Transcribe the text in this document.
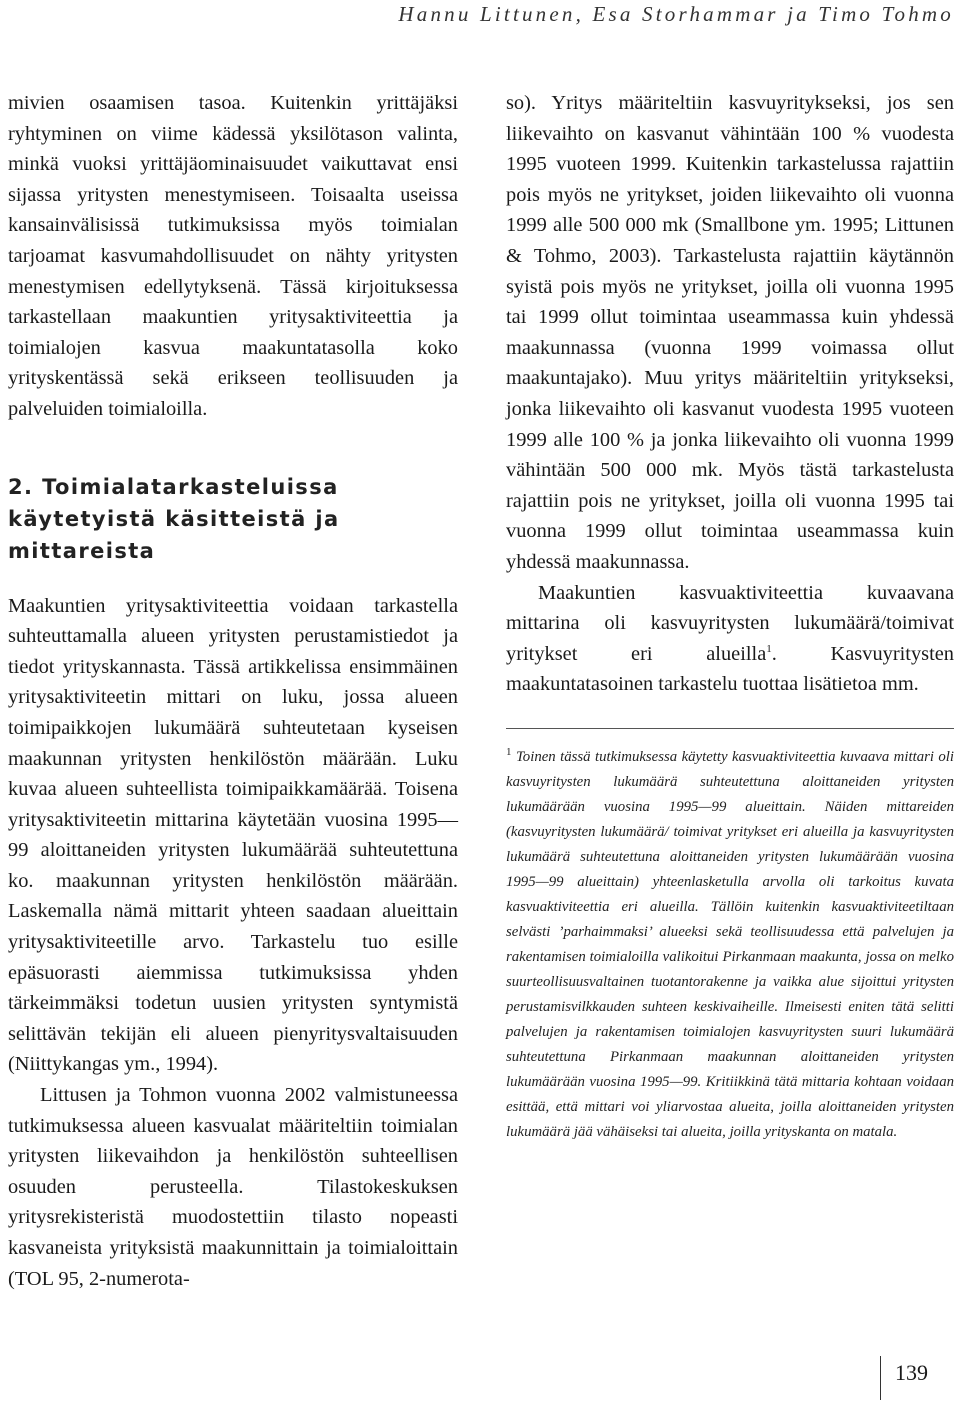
Hannu Littunen, Esa Storhammar ja Timo Tohmo

mivien osaamisen tasoa. Kuitenkin yrittäjäksi ryhtyminen on viime kädessä yksilötason valinta, minkä vuoksi yrittäjäominaisuudet vaikuttavat ensi sijassa yritysten menestymiseen. Toisaalta useissa kansainvälisissä tutkimuksissa myös toimialan tarjoamat kasvumahdollisuudet on nähty yritysten menestymisen edellytyksenä. Tässä kirjoituksessa tarkastellaan maakuntien yritysaktiviteettia ja toimialojen kasvua maakuntatasolla koko yrityskentässä sekä erikseen teollisuuden ja palveluiden toimialoilla.

2. Toimialatarkasteluissa käytetyistä käsitteistä ja mittareista

Maakuntien yritysaktiviteettia voidaan tarkastella suhteuttamalla alueen yritysten perustamistiedot ja tiedot yrityskannasta. Tässä artikkelissa ensimmäinen yritysaktiviteetin mittari on luku, jossa alueen toimipaikkojen lukumäärä suhteutetaan kyseisen maakunnan yritysten henkilöstön määrään. Luku kuvaa alueen suhteellista toimipaikkamäärää. Toisena yritysaktiviteetin mittarina käytetään vuosina 1995—99 aloittaneiden yritysten lukumäärää suhteutettuna ko. maakunnan yritysten henkilöstön määrään. Laskemalla nämä mittarit yhteen saadaan alueittain yritysaktiviteetille arvo. Tarkastelu tuo esille epäsuorasti aiemmissa tutkimuksissa yhden tärkeimmäksi todetun uusien yritysten syntymistä selittävän tekijän eli alueen pienyritysvaltaisuuden (Niittykangas ym., 1994).

Littusen ja Tohmon vuonna 2002 valmistuneessa tutkimuksessa alueen kasvualat määriteltiin toimialan yritysten liikevaihdon ja henkilöstön suhteellisen osuuden perusteella. Tilastokeskuksen yritysrekisteristä muodostettiin tilasto nopeasti kasvaneista yrityksistä maakunnittain ja toimialoittain (TOL 95, 2-numerota-

so). Yritys määriteltiin kasvuyritykseksi, jos sen liikevaihto on kasvanut vähintään 100 % vuodesta 1995 vuoteen 1999. Kuitenkin tarkastelussa rajattiin pois myös ne yritykset, joiden liikevaihto oli vuonna 1999 alle 500 000 mk (Smallbone ym. 1995; Littunen & Tohmo, 2003). Tarkastelusta rajattiin käytännön syistä pois myös ne yritykset, joilla oli vuonna 1995 tai 1999 ollut toimintaa useammassa kuin yhdessä maakunnassa (vuonna 1999 voimassa ollut maakuntajako). Muu yritys määriteltiin yritykseksi, jonka liikevaihto oli kasvanut vuodesta 1995 vuoteen 1999 alle 100 % ja jonka liikevaihto oli vuonna 1999 vähintään 500 000 mk. Myös tästä tarkastelusta rajattiin pois ne yritykset, joilla oli vuonna 1995 tai vuonna 1999 ollut toimintaa useammassa kuin yhdessä maakunnassa.

Maakuntien kasvuaktiviteettia kuvaavana mittarina oli kasvuyritysten lukumäärä/toimivat yritykset eri alueilla$^1$. Kasvuyritysten maakuntatasoinen tarkastelu tuottaa lisätietoa mm.

$^1$ Toinen tässä tutkimuksessa käytetty kasvuaktiviteettia kuvaava mittari oli kasvuyritysten lukumäärä suhteutettuna aloittaneiden yritysten lukumäärään vuosina 1995—99 alueittain. Näiden mittareiden (kasvuyritysten lukumäärä/ toimivat yritykset eri alueilla ja kasvuyritysten lukumäärä suhteutettuna aloittaneiden yritysten lukumäärään vuosina 1995—99 alueittain) yhteenlasketulla arvolla oli tarkoitus kuvata kasvuaktiviteettia eri alueilla. Tällöin kuitenkin kasvuaktiviteetiltaan selvästi ’parhaimmaksi’ alueeksi sekä teollisuudessa että palvelujen ja rakentamisen toimialoilla valikoitui Pirkanmaan maakunta, jossa on melko suurteollisuusvaltainen tuotantorakenne ja vaikka alue sijoittui yritysten perustamisvilkkauden suhteen keskivaiheille. Ilmeisesti eniten tätä selitti palvelujen ja rakentamisen toimialojen kasvuyritysten suuri lukumäärä suhteutettuna Pirkanmaan maakunnan aloittaneiden yritysten lukumäärään vuosina 1995—99. Kritiikkinä tätä mittaria kohtaan voidaan esittää, että mittari voi yliarvostaa alueita, joilla aloittaneiden yritysten lukumäärä jää vähäiseksi tai alueita, joilla yrityskanta on matala.

139
